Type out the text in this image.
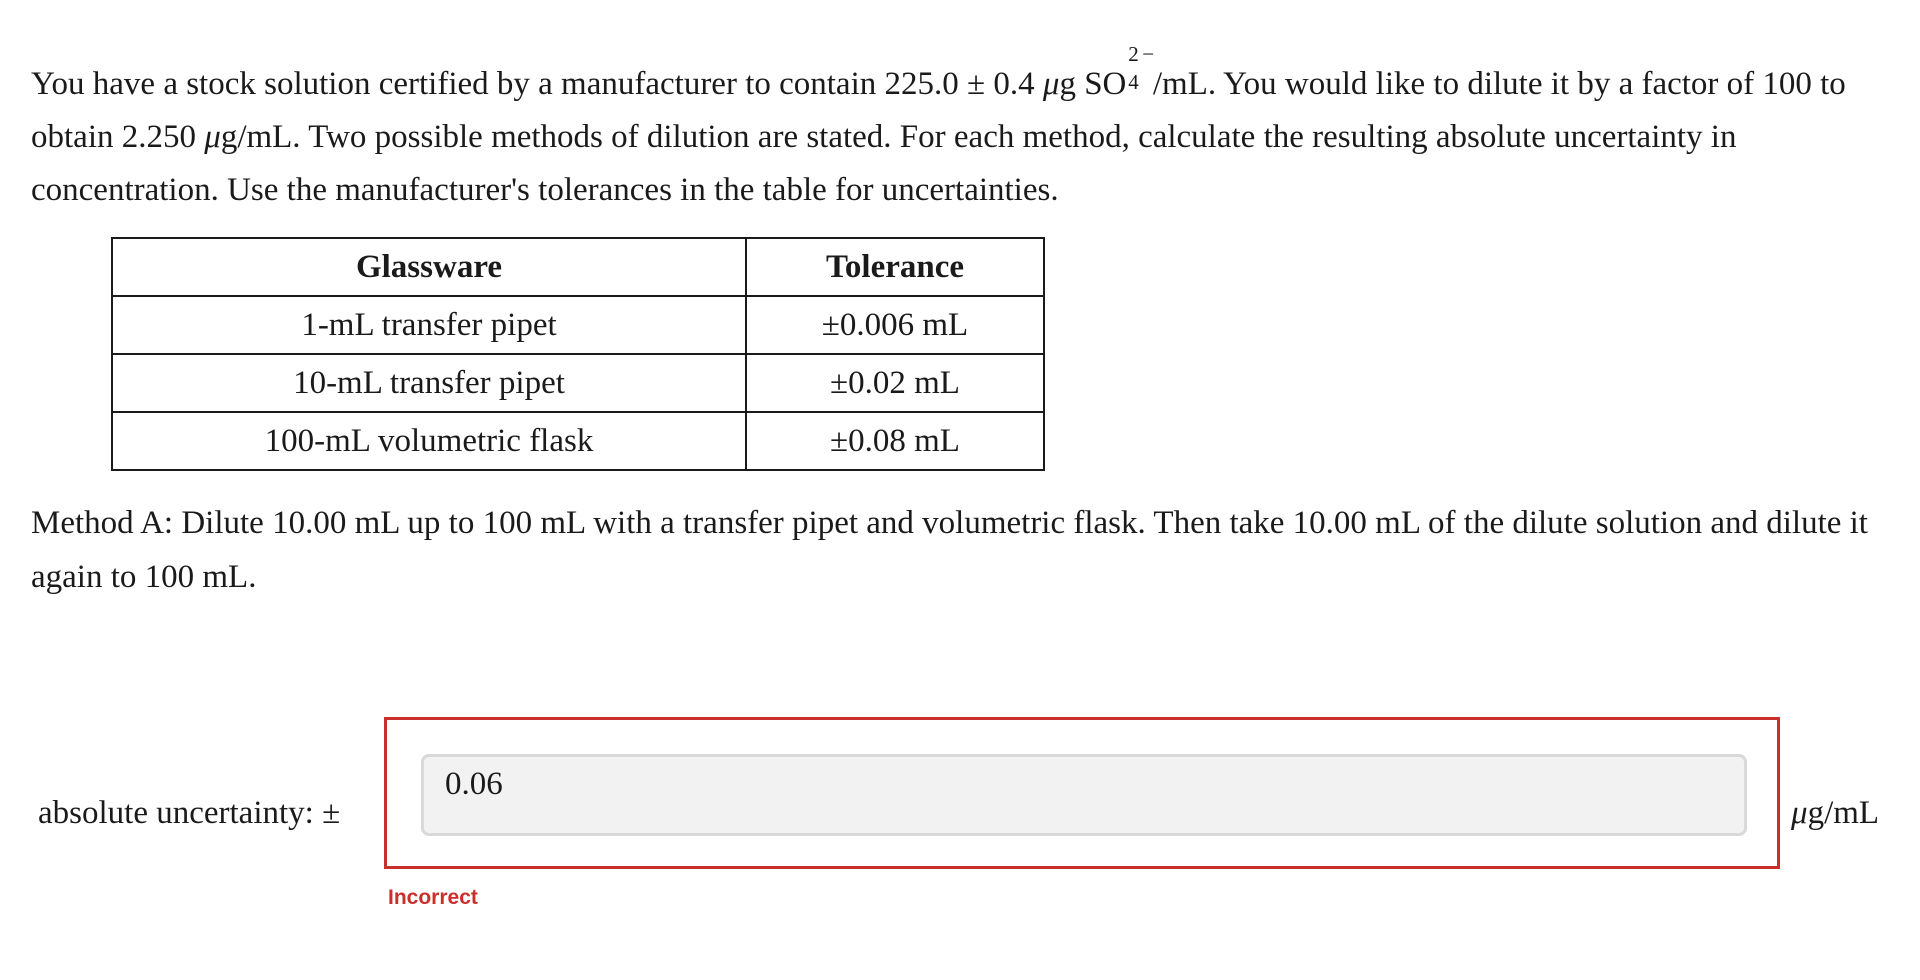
You have a stock solution certified by a manufacturer to contain 225.0 ± 0.4 μg SO
2 −
4
  /mL. You would like to dilute it by a factor of 100 to obtain 2.250 μg/mL. Two possible methods of dilution are stated. For each method, calculate the resulting absolute uncertainty in concentration. Use the manufacturer's tolerances in the table for uncertainties.
Glassware	Tolerance
1-mL transfer pipet	±0.006 mL
10-mL transfer pipet	±0.02 mL
100-mL volumetric flask	±0.08 mL
Method A: Dilute 10.00 mL up to 100 mL with a transfer pipet and volumetric flask. Then take 10.00 mL of the dilute solution and dilute it again to 100 mL.
absolute uncertainty: ±
0.06	μg/mL
Incorrect
